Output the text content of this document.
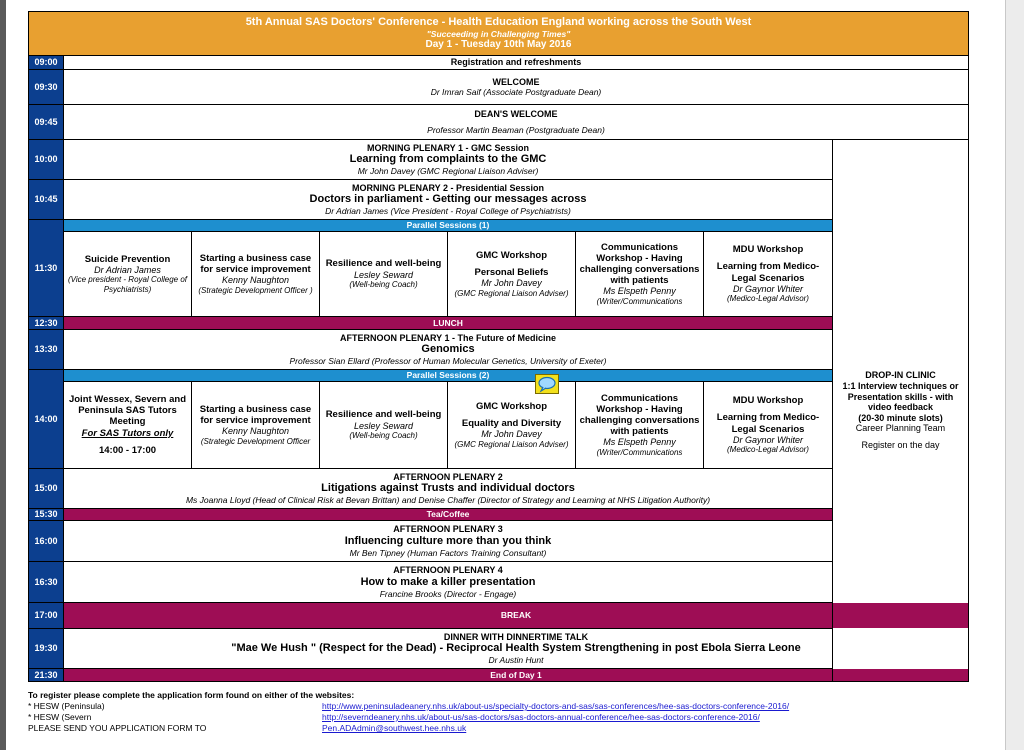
5th Annual SAS Doctors' Conference - Health Education England working across the South West
"Succeeding in Challenging Times"
Day 1 - Tuesday 10th May 2016							

09:00	Registration and refreshments						

09:30	WELCOME
Dr Imran Saif (Associate Postgraduate Dean)						

09:45	DEAN'S WELCOME
Professor Martin Beaman (Postgraduate Dean)						

10:00	MORNING PLENARY 1 - GMC Session
Learning from complaints to the GMC
Mr John Davey (GMC Regional Liaison Adviser)						DROP-IN CLINIC
1:1 Interview techniques or Presentation skills - with video feedback
(20-30 minute slots)
Career Planning Team
Register on the day

10:45	MORNING PLENARY 2 - Presidential Session
Doctors in parliament - Getting our messages across
Dr Adrian James (Vice President - Royal College of Psychiatrists)						

11:30	Parallel Sessions (1)						

	Suicide Prevention
Dr Adrian James
(Vice president - Royal College of Psychiatrists)	Starting a business case for service improvement
Kenny Naughton
(Strategic Development Officer )	Resilience and well-being
Lesley Seward
(Well-being Coach)	GMC Workshop
Personal Beliefs
Mr John Davey
(GMC Regional Liaison Adviser)	Communications Workshop - Having challenging conversations with patients
Ms Elspeth Penny
(Writer/Communications	MDU Workshop
Learning from Medico-Legal Scenarios
Dr Gaynor Whiter
(Medico-Legal Advisor)	

12:30	LUNCH						
13:30	AFTERNOON PLENARY 1 - The Future of Medicine
Genomics
Professor Sian Ellard (Professor of Human Molecular Genetics, University of Exeter)						

14:00	Parallel Sessions (2)						

	Joint Wessex, Severn and Peninsula SAS Tutors Meeting
For SAS Tutors only
14:00 - 17:00	Starting a business case for service improvement
Kenny Naughton
(Strategic Development Officer	Resilience and well-being
Lesley Seward
(Well-being Coach)	GMC Workshop
Equality and Diversity
Mr John Davey
(GMC Regional Liaison Adviser)	Communications Workshop - Having challenging conversations with patients
Ms Elspeth Penny
(Writer/Communications	MDU Workshop
Learning from Medico-Legal Scenarios
Dr Gaynor Whiter
(Medico-Legal Advisor)	

15:00	AFTERNOON PLENARY 2
Litigations against Trusts and individual doctors
Ms Joanna Lloyd (Head of Clinical Risk at Bevan Brittan) and Denise Chaffer (Director of Strategy and Learning at NHS Litigation Authority)						

15:30	Tea/Coffee						
16:00	AFTERNOON PLENARY 3
Influencing culture more than you think
Mr Ben Tipney (Human Factors Training Consultant)						

16:30	AFTERNOON PLENARY 4
How to make a killer presentation
Francine Brooks (Director - Engage)						

17:00	BREAK						
19:30	DINNER WITH DINNERTIME TALK
"Mae We Hush " (Respect for the Dead) - Reciprocal Health System Strengthening in post Ebola Sierra Leone
Dr Austin Hunt						

21:30	End of Day 1						
To register please complete the application form found on either of the websites:
* HESW (Peninsula)	http://www.peninsuladeanery.nhs.uk/about-us/specialty-doctors-and-sas/sas-conferences/hee-sas-doctors-conference-2016/
* HESW (Severn	http://severndeanery.nhs.uk/about-us/sas-doctors/sas-doctors-annual-conference/hee-sas-doctors-conference-2016/
PLEASE SEND YOU APPLICATION FORM TO	Pen.ADAdmin@southwest.hee.nhs.uk
